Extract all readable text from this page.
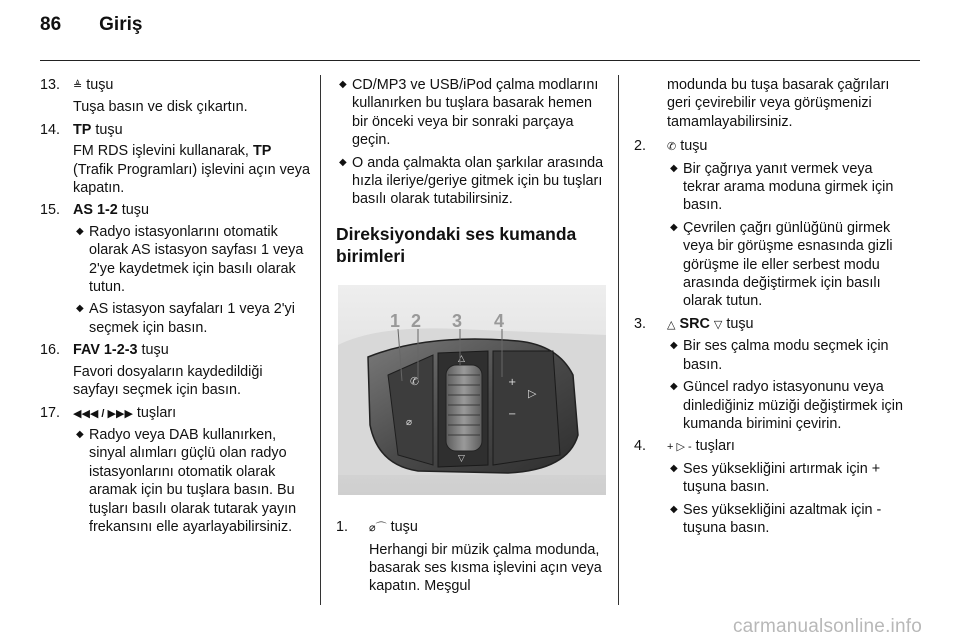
86 Giriş
13.	≜ tuşu

Tuşa basın ve disk çıkartın.

14. TP tuşu

FM RDS işlevini kullanarak, TP (Trafik Programları) işlevini açın veya kapatın.

15. AS 1-2 tuşu
◆ Radyo istasyonlarını otomatik olarak AS istasyon sayfası 1 veya 2'ye kaydetmek için basılı olarak tutun.
◆ AS istasyon sayfaları 1 veya 2'yi seçmek için basın.
16. FAV 1-2-3 tuşu

Favori dosyaların kaydedildiği sayfayı seçmek için basın.

17.	◀◀◀ / ▶▶▶ tuşları
◆ Radyo veya DAB kullanırken, sinyal alımları güçlü olan radyo istasyonlarını otomatik olarak aramak için bu tuşlara basın. Bu tuşları basılı olarak tutarak yayın frekansını elle ayarlayabilirsiniz.
◆ CD/MP3 ve USB/iPod çalma modlarını kullanırken bu tuşlara basarak hemen bir önceki veya bir sonraki parçaya geçin.
◆ O anda çalmakta olan şarkılar arasında hızla ileriye/geriye gitmek için bu tuşları basılı olarak tutabilirsiniz.
Direksiyondaki ses kumanda birimleri
+
▷
−
✆
⌀
△
▽
1 2 3 4
1.	⌀⌒ tuşu

Herhangi bir müzik çalma modunda, basarak ses kısma işlevini açın veya kapatın. Meşgul

modunda bu tuşa basarak çağrıları geri çevirebilir veya görüşmenizi tamamlayabilirsiniz.

2.	✆ tuşu
◆ Bir çağrıya yanıt vermek veya tekrar arama moduna girmek için basın.
◆ Çevrilen çağrı günlüğünü girmek veya bir görüşme esnasında gizli görüşme ile eller serbest modu arasında değiştirmek için basılı olarak tutun.
3.	△ SRC ▽ tuşu
◆ Bir ses çalma modu seçmek için basın.
◆ Güncel radyo istasyonunu veya dinlediğiniz müziği değiştirmek için kumanda birimini çevirin.
4.	+ ▷ - tuşları
◆ Ses yüksekliğini artırmak için + tuşuna basın.
◆ Ses yüksekliğini azaltmak için - tuşuna basın.
carmanualsonline.info
